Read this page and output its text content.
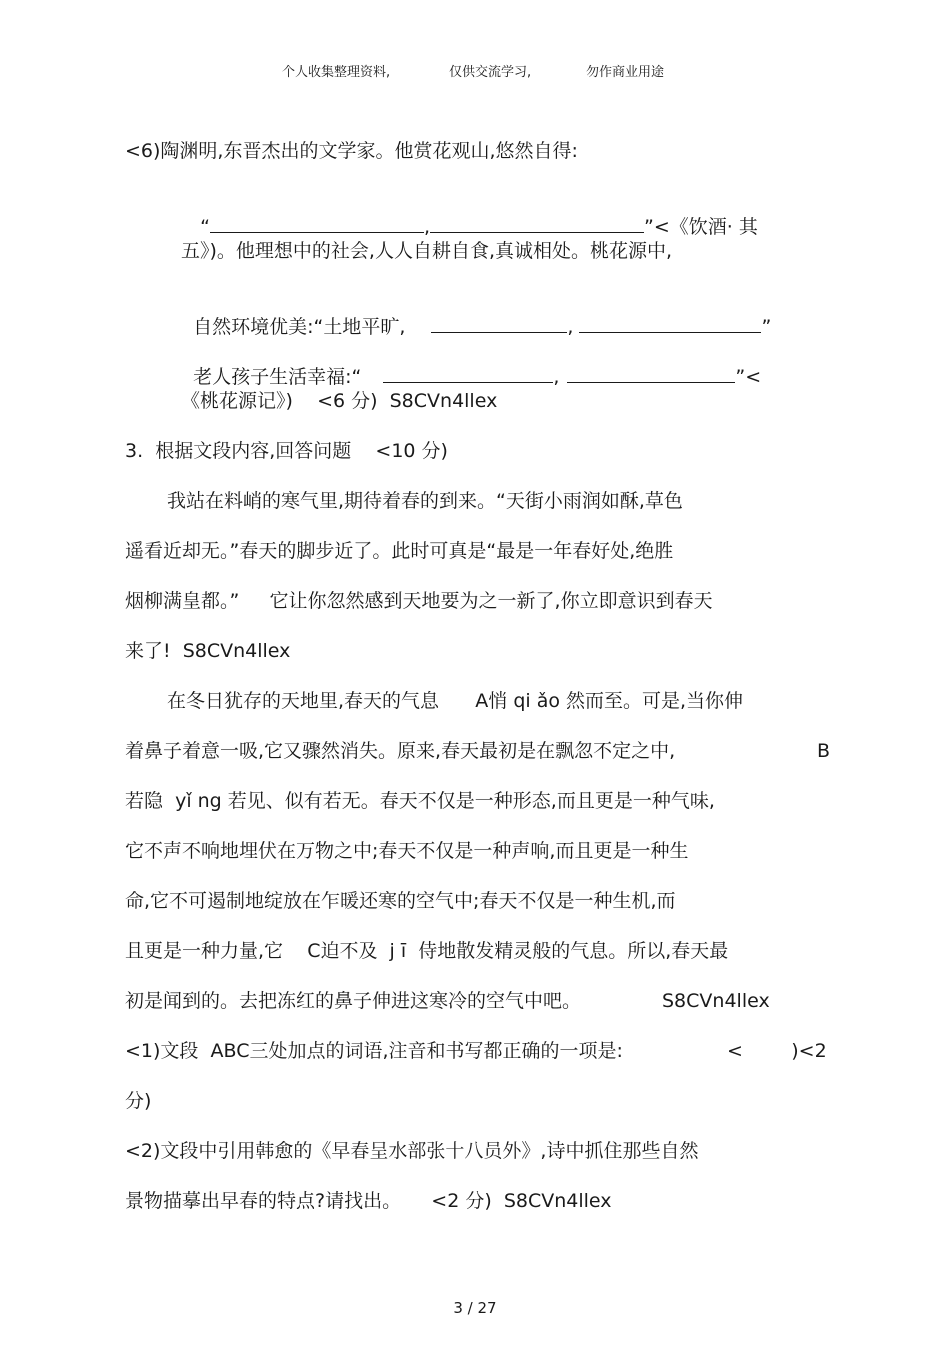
个人收集整理资料,	仅供交流学习,	勿作商业用途
<6)陶渊明,东晋杰出的文学家。他赏花观山,悠然自得:

“	,	”<《饮酒· 其

五》)。他理想中的社会,人人自耕自食,真诚相处。桃花源中,

自然环境优美:“土地平旷,	,	”

老人孩子生活幸福:“	,	”<

《桃花源记》)    <6 分)  S8CVn4llex
3.  根据文段内容,回答问题    <10 分)
我站在料峭的寒气里,期待着春的到来。“天街小雨润如酥,草色
遥看近却无。”春天的脚步近了。此时可真是“最是一年春好处,绝胜
烟柳满皇都。”     它让你忽然感到天地要为之一新了,你立即意识到春天
来了!  S8CVn4llex
在冬日犹存的天地里,春天的气息      A悄 qi ǎo 然而至。可是,当你伸
着鼻子着意一吸,它又骤然消失。原来,春天最初是在飘忽不定之中,	B
若隐  yǐ ng 若见、似有若无。春天不仅是一种形态,而且更是一种气味,
它不声不响地埋伏在万物之中;春天不仅是一种声响,而且更是一种生
命,它不可遏制地绽放在乍暖还寒的空气中;春天不仅是一种生机,而
且更是一种力量,它    C迫不及  j ī  侍地散发精灵般的气息。所以,春天最
初是闻到的。去把冻红的鼻子伸进这寒冷的空气中吧。	S8CVn4llex
<1)文段  ABC三处加点的词语,注音和书写都正确的一项是:	<        )<2
分)
<2)文段中引用韩愈的《早春呈水部张十八员外》,诗中抓住那些自然
景物描摹出早春的特点?请找出。     <2 分)  S8CVn4llex
3 / 27
